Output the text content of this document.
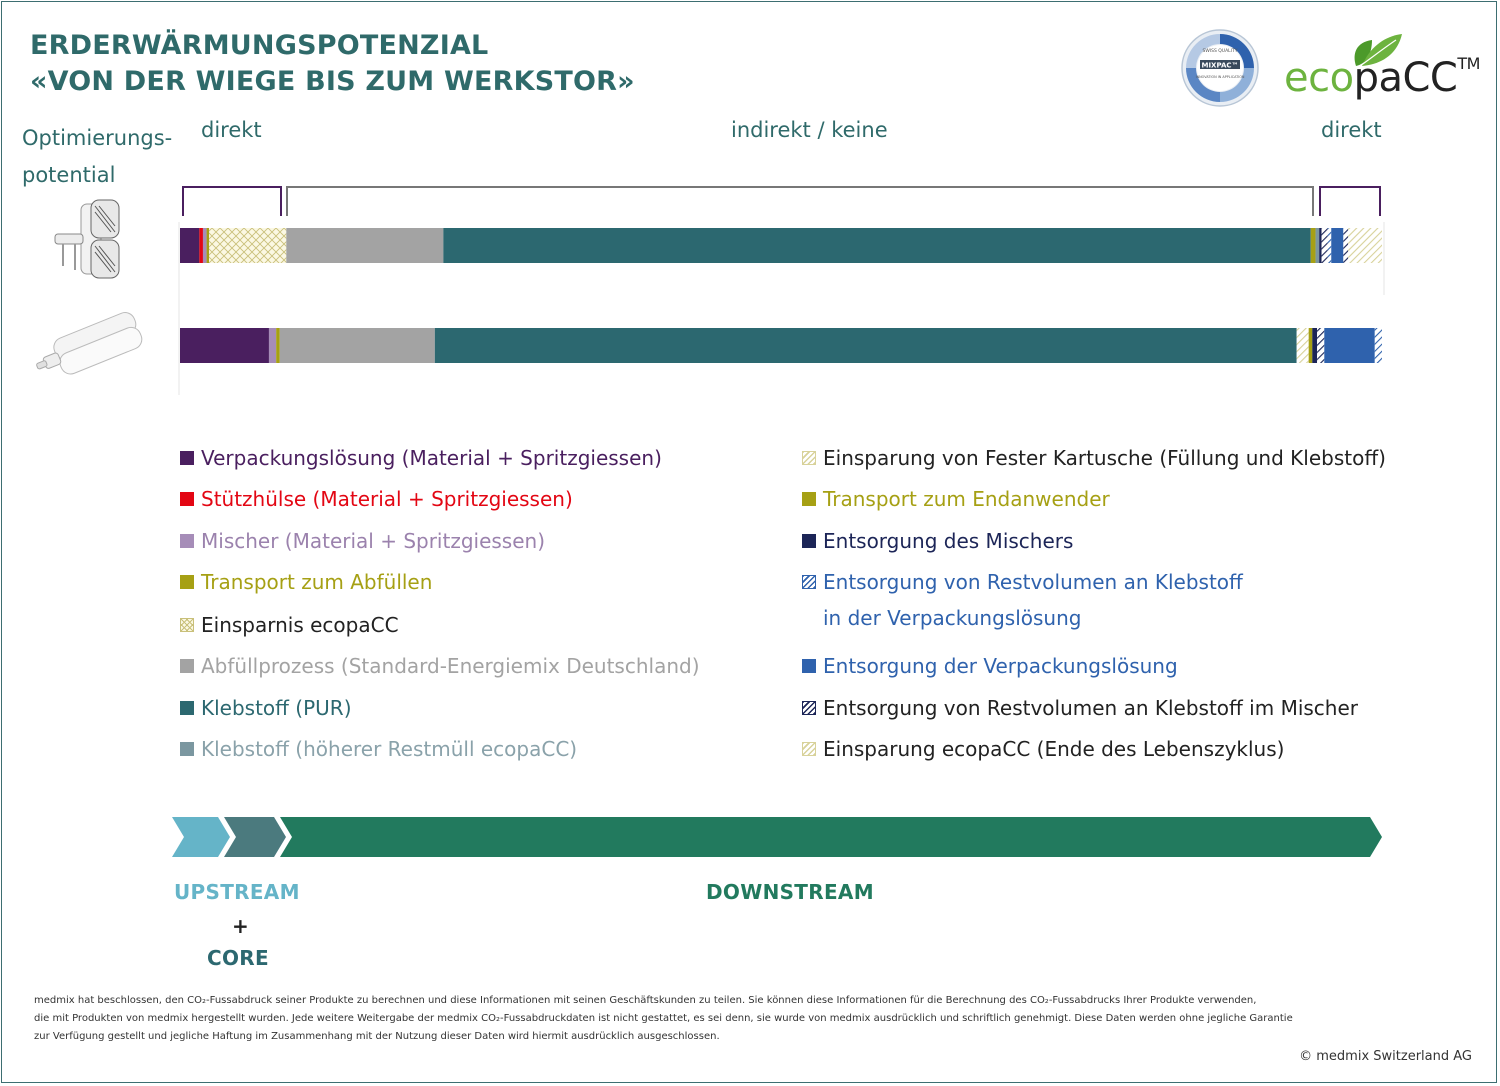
ERDERWÄRMUNGSPOTENZIAL
«VON DER WIEGE BIS ZUM WERKSTOR»
SWISS QUALITY
MIXPAC™
INNOVATION IN APPLICATION ecopaCC™
Optimierungs-
potential
direkt	indirekt / keine	direkt
Verpackungslösung (Material + Spritzgiessen)
Stützhülse (Material + Spritzgiessen)
Mischer (Material + Spritzgiessen)
Transport zum Abfüllen
Einsparnis ecopaCC
Abfüllprozess (Standard-Energiemix Deutschland)
Klebstoff (PUR)
Klebstoff (höherer Restmüll ecopaCC)
Einsparung von Fester Kartusche (Füllung und Klebstoff)
Transport zum Endanwender
Entsorgung des Mischers
Entsorgung von Restvolumen an Klebstoff
in der Verpackungslösung
Entsorgung der Verpackungslösung
Entsorgung von Restvolumen an Klebstoff im Mischer
Einsparung ecopaCC (Ende des Lebenszyklus)
UPSTREAM
+
CORE
DOWNSTREAM
medmix hat beschlossen, den CO₂-Fussabdruck seiner Produkte zu berechnen und diese Informationen mit seinen Geschäftskunden zu teilen. Sie können diese Informationen für die Berechnung des CO₂-Fussabdrucks Ihrer Produkte verwenden,
die mit Produkten von medmix hergestellt wurden. Jede weitere Weitergabe der medmix CO₂-Fussabdruckdaten ist nicht gestattet, es sei denn, sie wurde von medmix ausdrücklich und schriftlich genehmigt. Diese Daten werden ohne jegliche Garantie
zur Verfügung gestellt und jegliche Haftung im Zusammenhang mit der Nutzung dieser Daten wird hiermit ausdrücklich ausgeschlossen.
© medmix Switzerland AG
